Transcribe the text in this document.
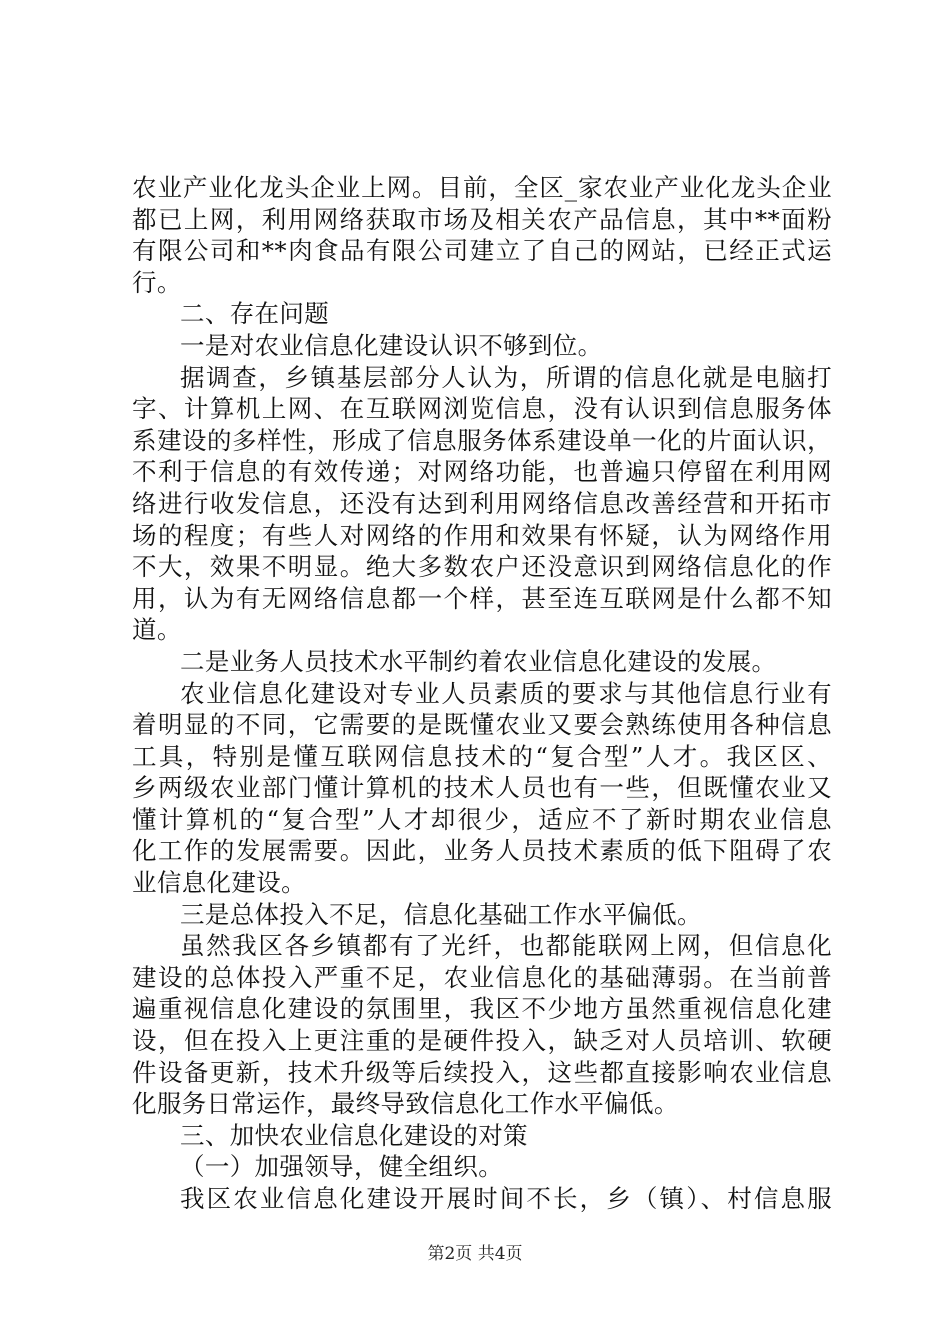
农业产业化龙头企业上网。目前，全区_家农业产业化龙头企业
都已上网，利用网络获取市场及相关农产品信息，其中**面粉
有限公司和**肉食品有限公司建立了自己的网站，已经正式运
行。
二、存在问题
一是对农业信息化建设认识不够到位。
据调查，乡镇基层部分人认为，所谓的信息化就是电脑打
字、计算机上网、在互联网浏览信息，没有认识到信息服务体
系建设的多样性，形成了信息服务体系建设单一化的片面认识，
不利于信息的有效传递；对网络功能，也普遍只停留在利用网
络进行收发信息，还没有达到利用网络信息改善经营和开拓市
场的程度；有些人对网络的作用和效果有怀疑，认为网络作用
不大，效果不明显。绝大多数农户还没意识到网络信息化的作
用，认为有无网络信息都一个样，甚至连互联网是什么都不知
道。
二是业务人员技术水平制约着农业信息化建设的发展。
农业信息化建设对专业人员素质的要求与其他信息行业有
着明显的不同，它需要的是既懂农业又要会熟练使用各种信息
工具，特别是懂互联网信息技术的“复合型”人才。我区区、
乡两级农业部门懂计算机的技术人员也有一些，但既懂农业又
懂计算机的“复合型”人才却很少，适应不了新时期农业信息
化工作的发展需要。因此，业务人员技术素质的低下阻碍了农
业信息化建设。
三是总体投入不足，信息化基础工作水平偏低。
虽然我区各乡镇都有了光纤，也都能联网上网，但信息化
建设的总体投入严重不足，农业信息化的基础薄弱。在当前普
遍重视信息化建设的氛围里，我区不少地方虽然重视信息化建
设，但在投入上更注重的是硬件投入，缺乏对人员培训、软硬
件设备更新，技术升级等后续投入，这些都直接影响农业信息
化服务日常运作，最终导致信息化工作水平偏低。
三、加快农业信息化建设的对策
（一）加强领导，健全组织。
我区农业信息化建设开展时间不长，乡（镇）、村信息服
第2页 共4页
